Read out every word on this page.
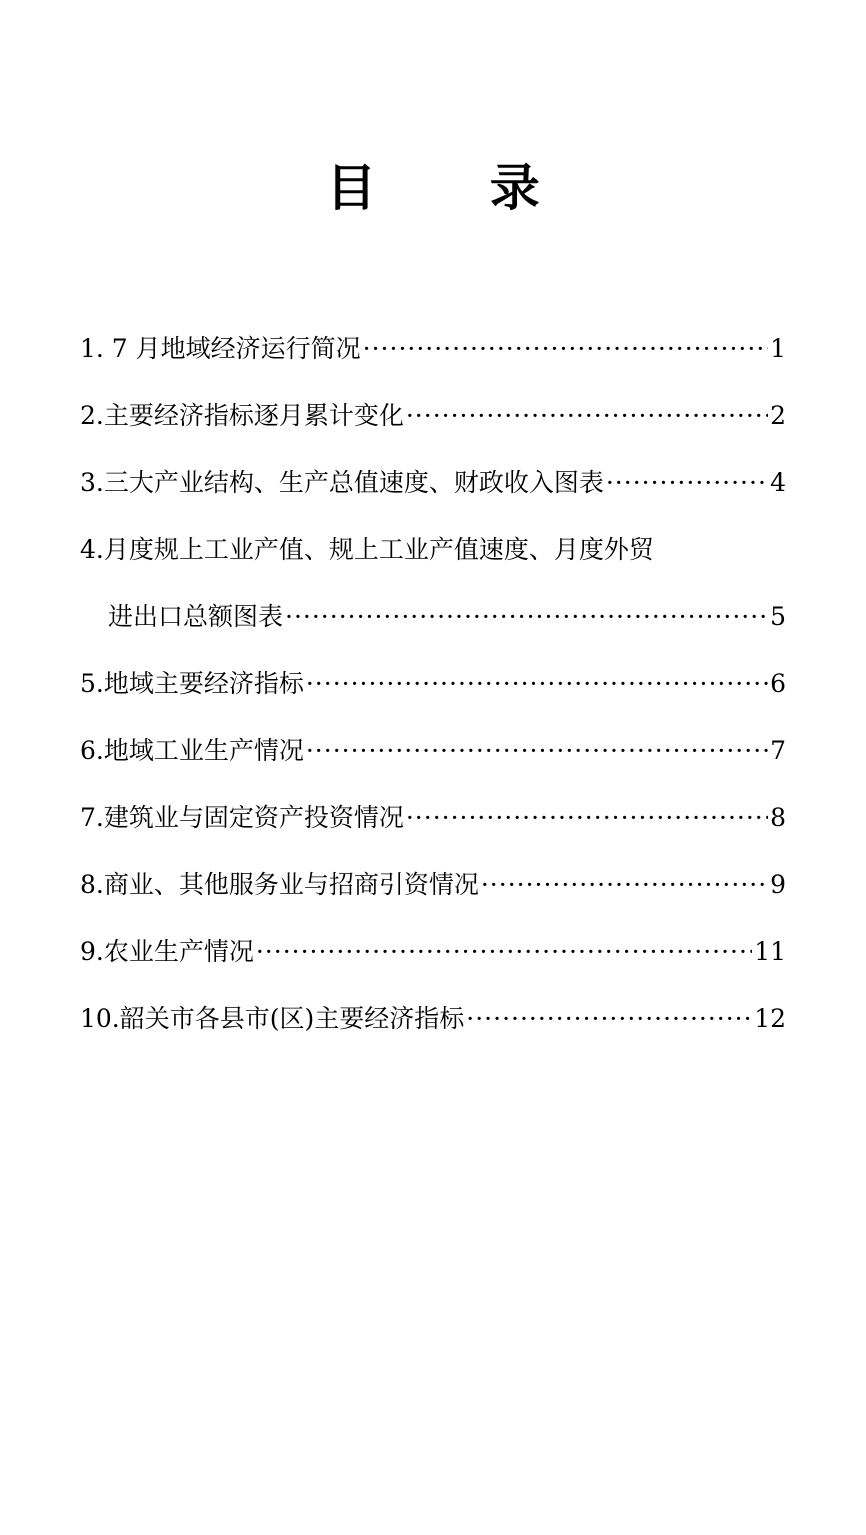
目 录
1. 7 月地域经济运行简况 ·····	1
2.主要经济指标逐月累计变化 ·····	2
3.三大产业结构、生产总值速度、财政收入图表 ·····	4
4.月度规上工业产值、规上工业产值速度、月度外贸
进出口总额图表 ·····	5
5.地域主要经济指标 ·····	6
6.地域工业生产情况 ·····	7
7.建筑业与固定资产投资情况 ·····	8
8.商业、其他服务业与招商引资情况 ·····	9
9.农业生产情况 ·····	11
10.韶关市各县市(区)主要经济指标 ·····	12
